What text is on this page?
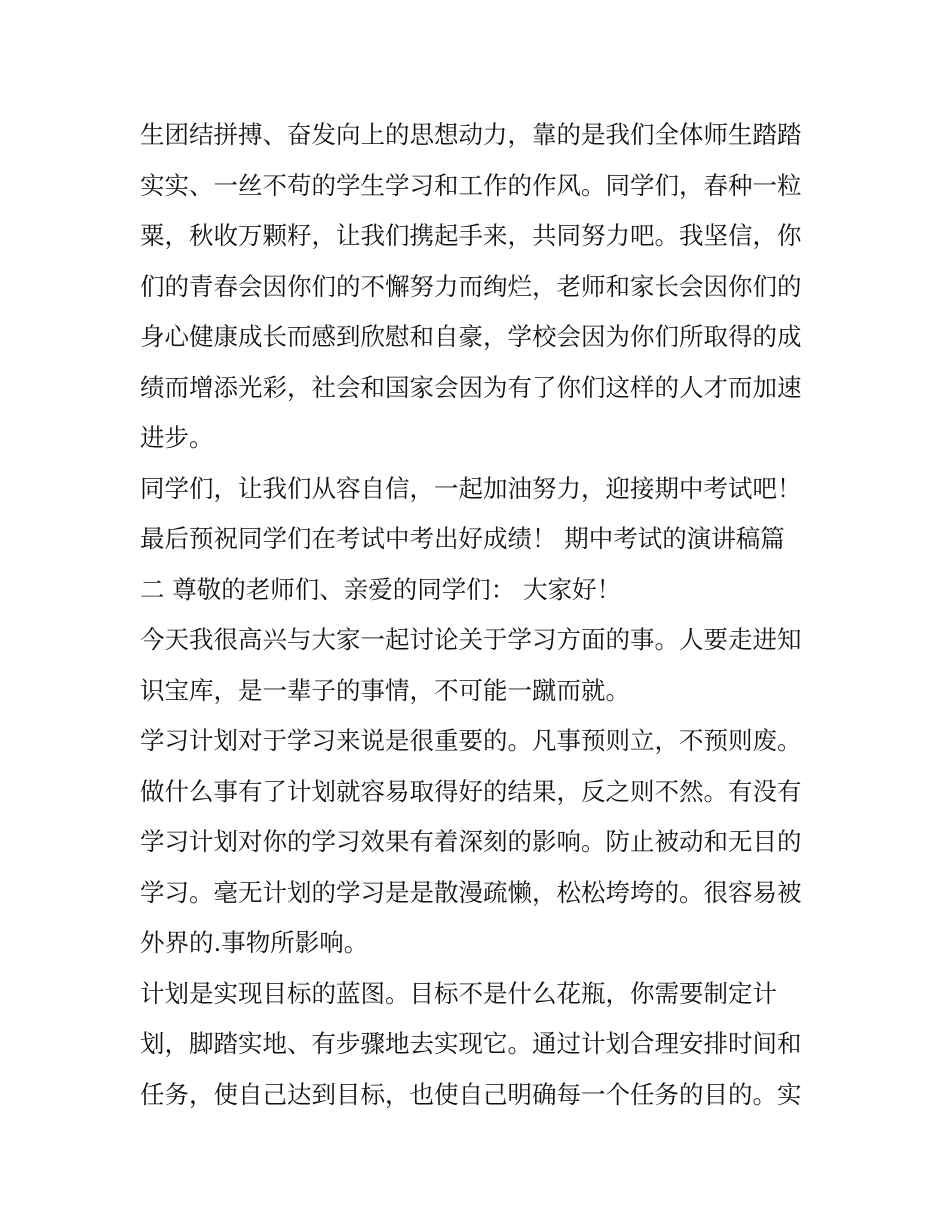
生团结拼搏、奋发向上的思想动力，靠的是我们全体师生踏踏
实实、一丝不苟的学生学习和工作的作风。同学们，春种一粒
粟，秋收万颗籽，让我们携起手来，共同努力吧。我坚信，你
们的青春会因你们的不懈努力而绚烂，老师和家长会因你们的
身心健康成长而感到欣慰和自豪，学校会因为你们所取得的成
绩而增添光彩，社会和国家会因为有了你们这样的人才而加速
进步。
同学们，让我们从容自信，一起加油努力，迎接期中考试吧！
最后预祝同学们在考试中考出好成绩！ 期中考试的演讲稿篇
二 尊敬的老师们、亲爱的同学们： 大家好！
今天我很高兴与大家一起讨论关于学习方面的事。人要走进知
识宝库，是一辈子的事情，不可能一蹴而就。
学习计划对于学习来说是很重要的。凡事预则立，不预则废。
做什么事有了计划就容易取得好的结果，反之则不然。有没有
学习计划对你的学习效果有着深刻的影响。防止被动和无目的
学习。毫无计划的学习是是散漫疏懒，松松垮垮的。很容易被
外界的.事物所影响。
计划是实现目标的蓝图。目标不是什么花瓶，你需要制定计
划，脚踏实地、有步骤地去实现它。通过计划合理安排时间和
任务，使自己达到目标，也使自己明确每一个任务的目的。实
